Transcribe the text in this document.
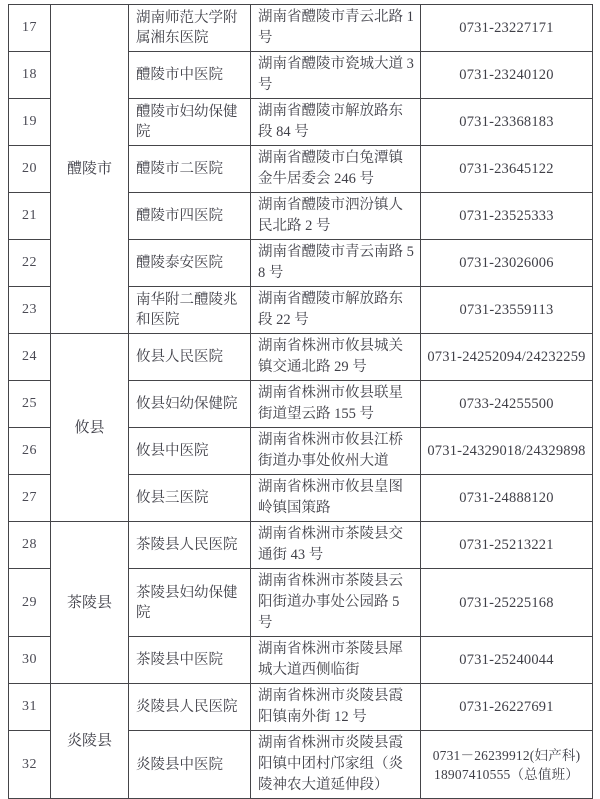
17	醴陵市	湖南师范大学附属湘东医院	湖南省醴陵市青云北路 1 号	0731-23227171
18		醴陵市中医院	湖南省醴陵市瓷城大道 3 号	0731-23240120
19		醴陵市妇幼保健院	湖南省醴陵市解放路东段 84 号	0731-23368183
20		醴陵市二医院	湖南省醴陵市白兔潭镇金牛居委会 246 号	0731-23645122
21		醴陵市四医院	湖南省醴陵市泗汾镇人民北路 2 号	0731-23525333
22		醴陵泰安医院	湖南省醴陵市青云南路 58 号	0731-23026006
23		南华附二醴陵兆和医院	湖南省醴陵市解放路东段 22 号	0731-23559113
24	攸县	攸县人民医院	湖南省株洲市攸县城关镇交通北路 29 号	0731-24252094/24232259
25		攸县妇幼保健院	湖南省株洲市攸县联星街道望云路 155 号	0733-24255500
26		攸县中医院	湖南省株洲市攸县江桥街道办事处攸州大道	0731-24329018/24329898
27		攸县三医院	湖南省株洲市攸县皇图岭镇国策路	0731-24888120
28	茶陵县	茶陵县人民医院	湖南省株洲市茶陵县交通街 43 号	0731-25213221
29		茶陵县妇幼保健院	湖南省株洲市茶陵县云阳街道办事处公园路 5 号	0731-25225168
30		茶陵县中医院	湖南省株洲市茶陵县犀城大道西侧临街	0731-25240044
31	炎陵县	炎陵县人民医院	湖南省株洲市炎陵县霞阳镇南外街 12 号	0731-26227691
32		炎陵县中医院	湖南省株洲市炎陵县霞阳镇中团村邝家组（炎陵神农大道延伸段）	0731－26239912(妇产科)
18907410555（总值班）
